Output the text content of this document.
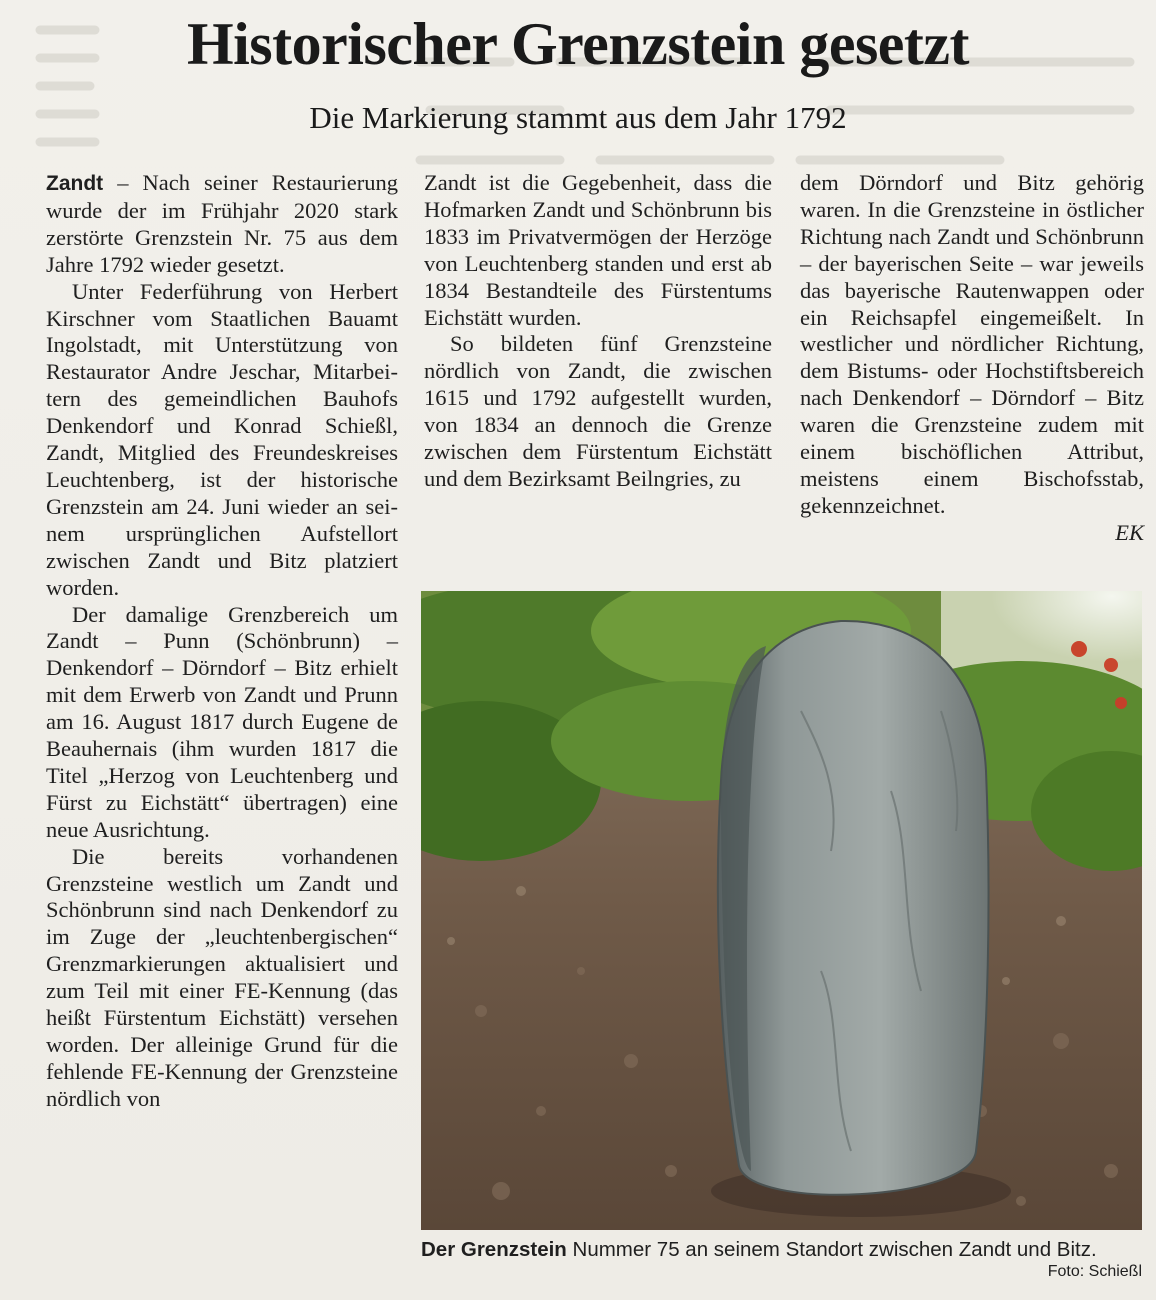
Historischer Grenzstein gesetzt
Die Markierung stammt aus dem Jahr 1792

Zandt – Nach seiner Restaurierung wurde der im Frühjahr 2020 stark zerstörte Grenzstein Nr. 75 aus dem Jahre 1792 wieder gesetzt.

Unter Federführung von Herbert Kirschner vom Staatlichen Bauamt Ingolstadt, mit Unterstützung von Restaurator Andre Jeschar, Mitarbeitern des gemeindlichen Bauhofs Denkendorf und Konrad Schießl, Zandt, Mitglied des Freundeskreises Leuchtenberg, ist der historische Grenzstein am 24. Juni wieder an seinem ursprünglichen Aufstellort zwischen Zandt und Bitz platziert worden.

Der damalige Grenzbereich um Zandt – Punn (Schönbrunn) – Denkendorf – Dörndorf – Bitz erhielt mit dem Erwerb von Zandt und Prunn am 16. August 1817 durch Eugene de Beauhernais (ihm wurden 1817 die Titel „Herzog von Leuchtenberg und Fürst zu Eichstätt“ übertragen) eine neue Ausrichtung.

Die bereits vorhandenen Grenzsteine westlich um Zandt und Schönbrunn sind nach Denkendorf zu im Zuge der „leuchtenbergischen“ Grenzmarkierungen aktualisiert und zum Teil mit einer FE-Kennung (das heißt Fürstentum Eichstätt) versehen worden. Der alleinige Grund für die fehlende FE-Kennung der Grenzsteine nördlich von

Zandt ist die Gegebenheit, dass die Hofmarken Zandt und Schönbrunn bis 1833 im Privatvermögen der Herzöge von Leuchtenberg standen und erst ab 1834 Bestandteile des Fürstentums Eichstätt wurden.

So bildeten fünf Grenzsteine nördlich von Zandt, die zwischen 1615 und 1792 aufgestellt wurden, von 1834 an dennoch die Grenze zwischen dem Fürstentum Eichstätt und dem Bezirksamt Beilngries, zu

dem Dörndorf und Bitz gehörig waren. In die Grenzsteine in östlicher Richtung nach Zandt und Schönbrunn – der bayerischen Seite – war jeweils das bayerische Rautenwappen oder ein Reichsapfel eingemeißelt. In westlicher und nördlicher Richtung, dem Bistums- oder Hochstiftsbereich nach Denkendorf – Dörndorf – Bitz waren die Grenzsteine zudem mit einem bischöflichen Attribut, meistens einem Bischofsstab, gekennzeichnet.

EK
Der Grenzstein Nummer 75 an seinem Standort zwischen Zandt und Bitz.
Foto: Schießl
